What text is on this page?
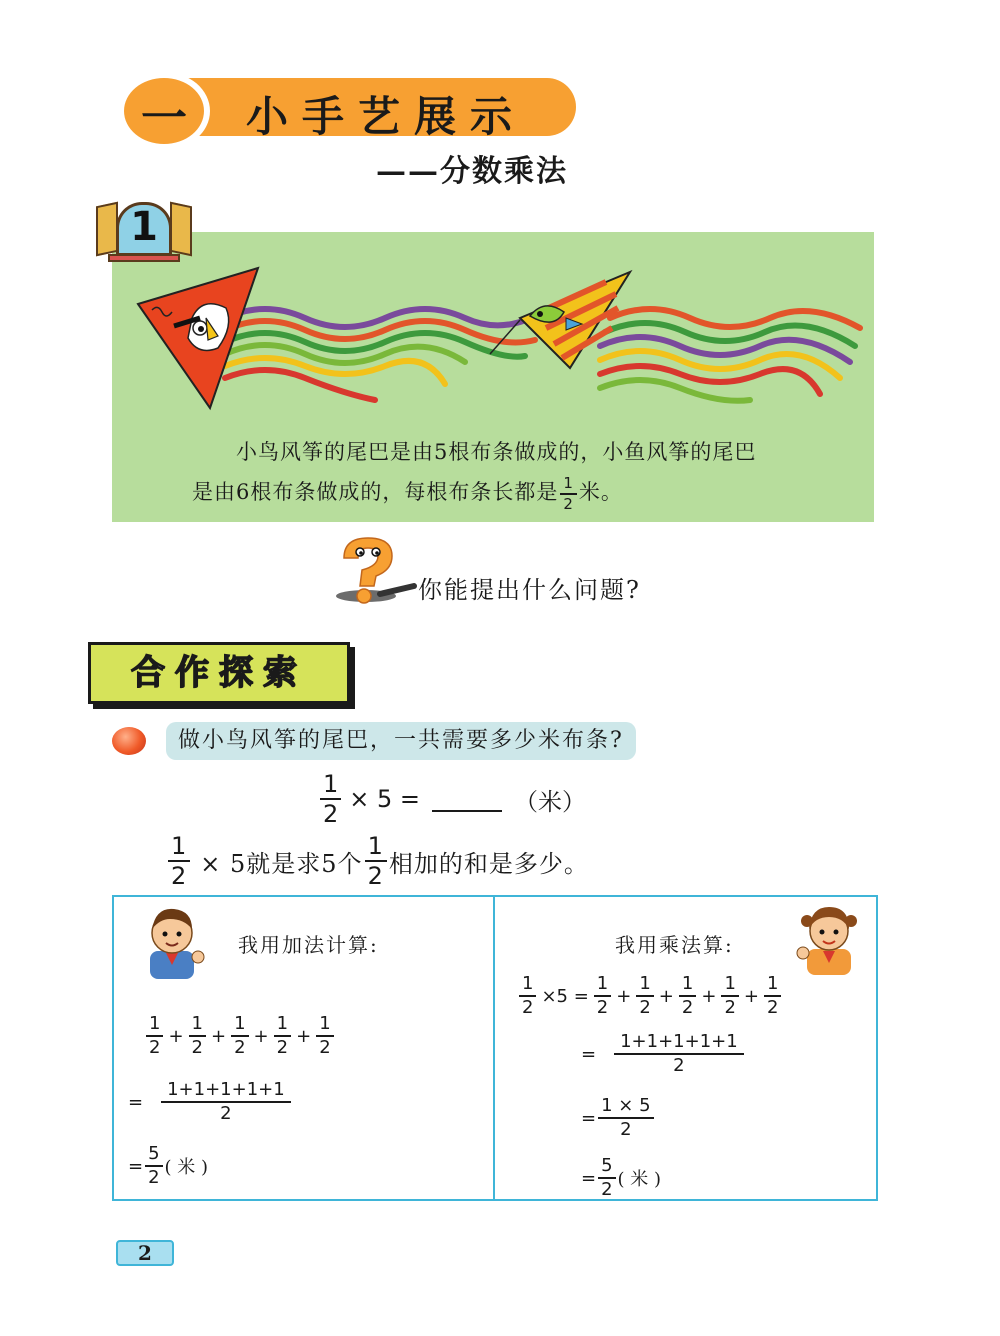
一	小手艺展示
——分数乘法
1
小鸟风筝的尾巴是由5根布条做成的，小鱼风筝的尾巴
是由6根布条做成的，每根布条长都是 $\frac{1}{2}$ 米。
你能提出什么问题?
合作探索
做小鸟风筝的尾巴，一共需要多少米布条?
$\frac{1}{2} \times 5$ =	（米）
$\frac{1}{2} \times 5$就是求5个 $\frac{1}{2}$ 相加的和是多少。
我用加法计算:
$\frac{1}{2} + \frac{1}{2} + \frac{1}{2} + \frac{1}{2} + \frac{1}{2}$
= $\frac{1+1+1+1+1}{2}$
= $\frac{5}{2}$ ( 米 )
我用乘法算:
$\frac{1}{2} \times 5 = \frac{1}{2} + \frac{1}{2} + \frac{1}{2} + \frac{1}{2} + \frac{1}{2}$
= $\frac{1+1+1+1+1}{2}$
= $\frac{1 \times 5}{2}$
= $\frac{5}{2}$ ( 米 )
2
